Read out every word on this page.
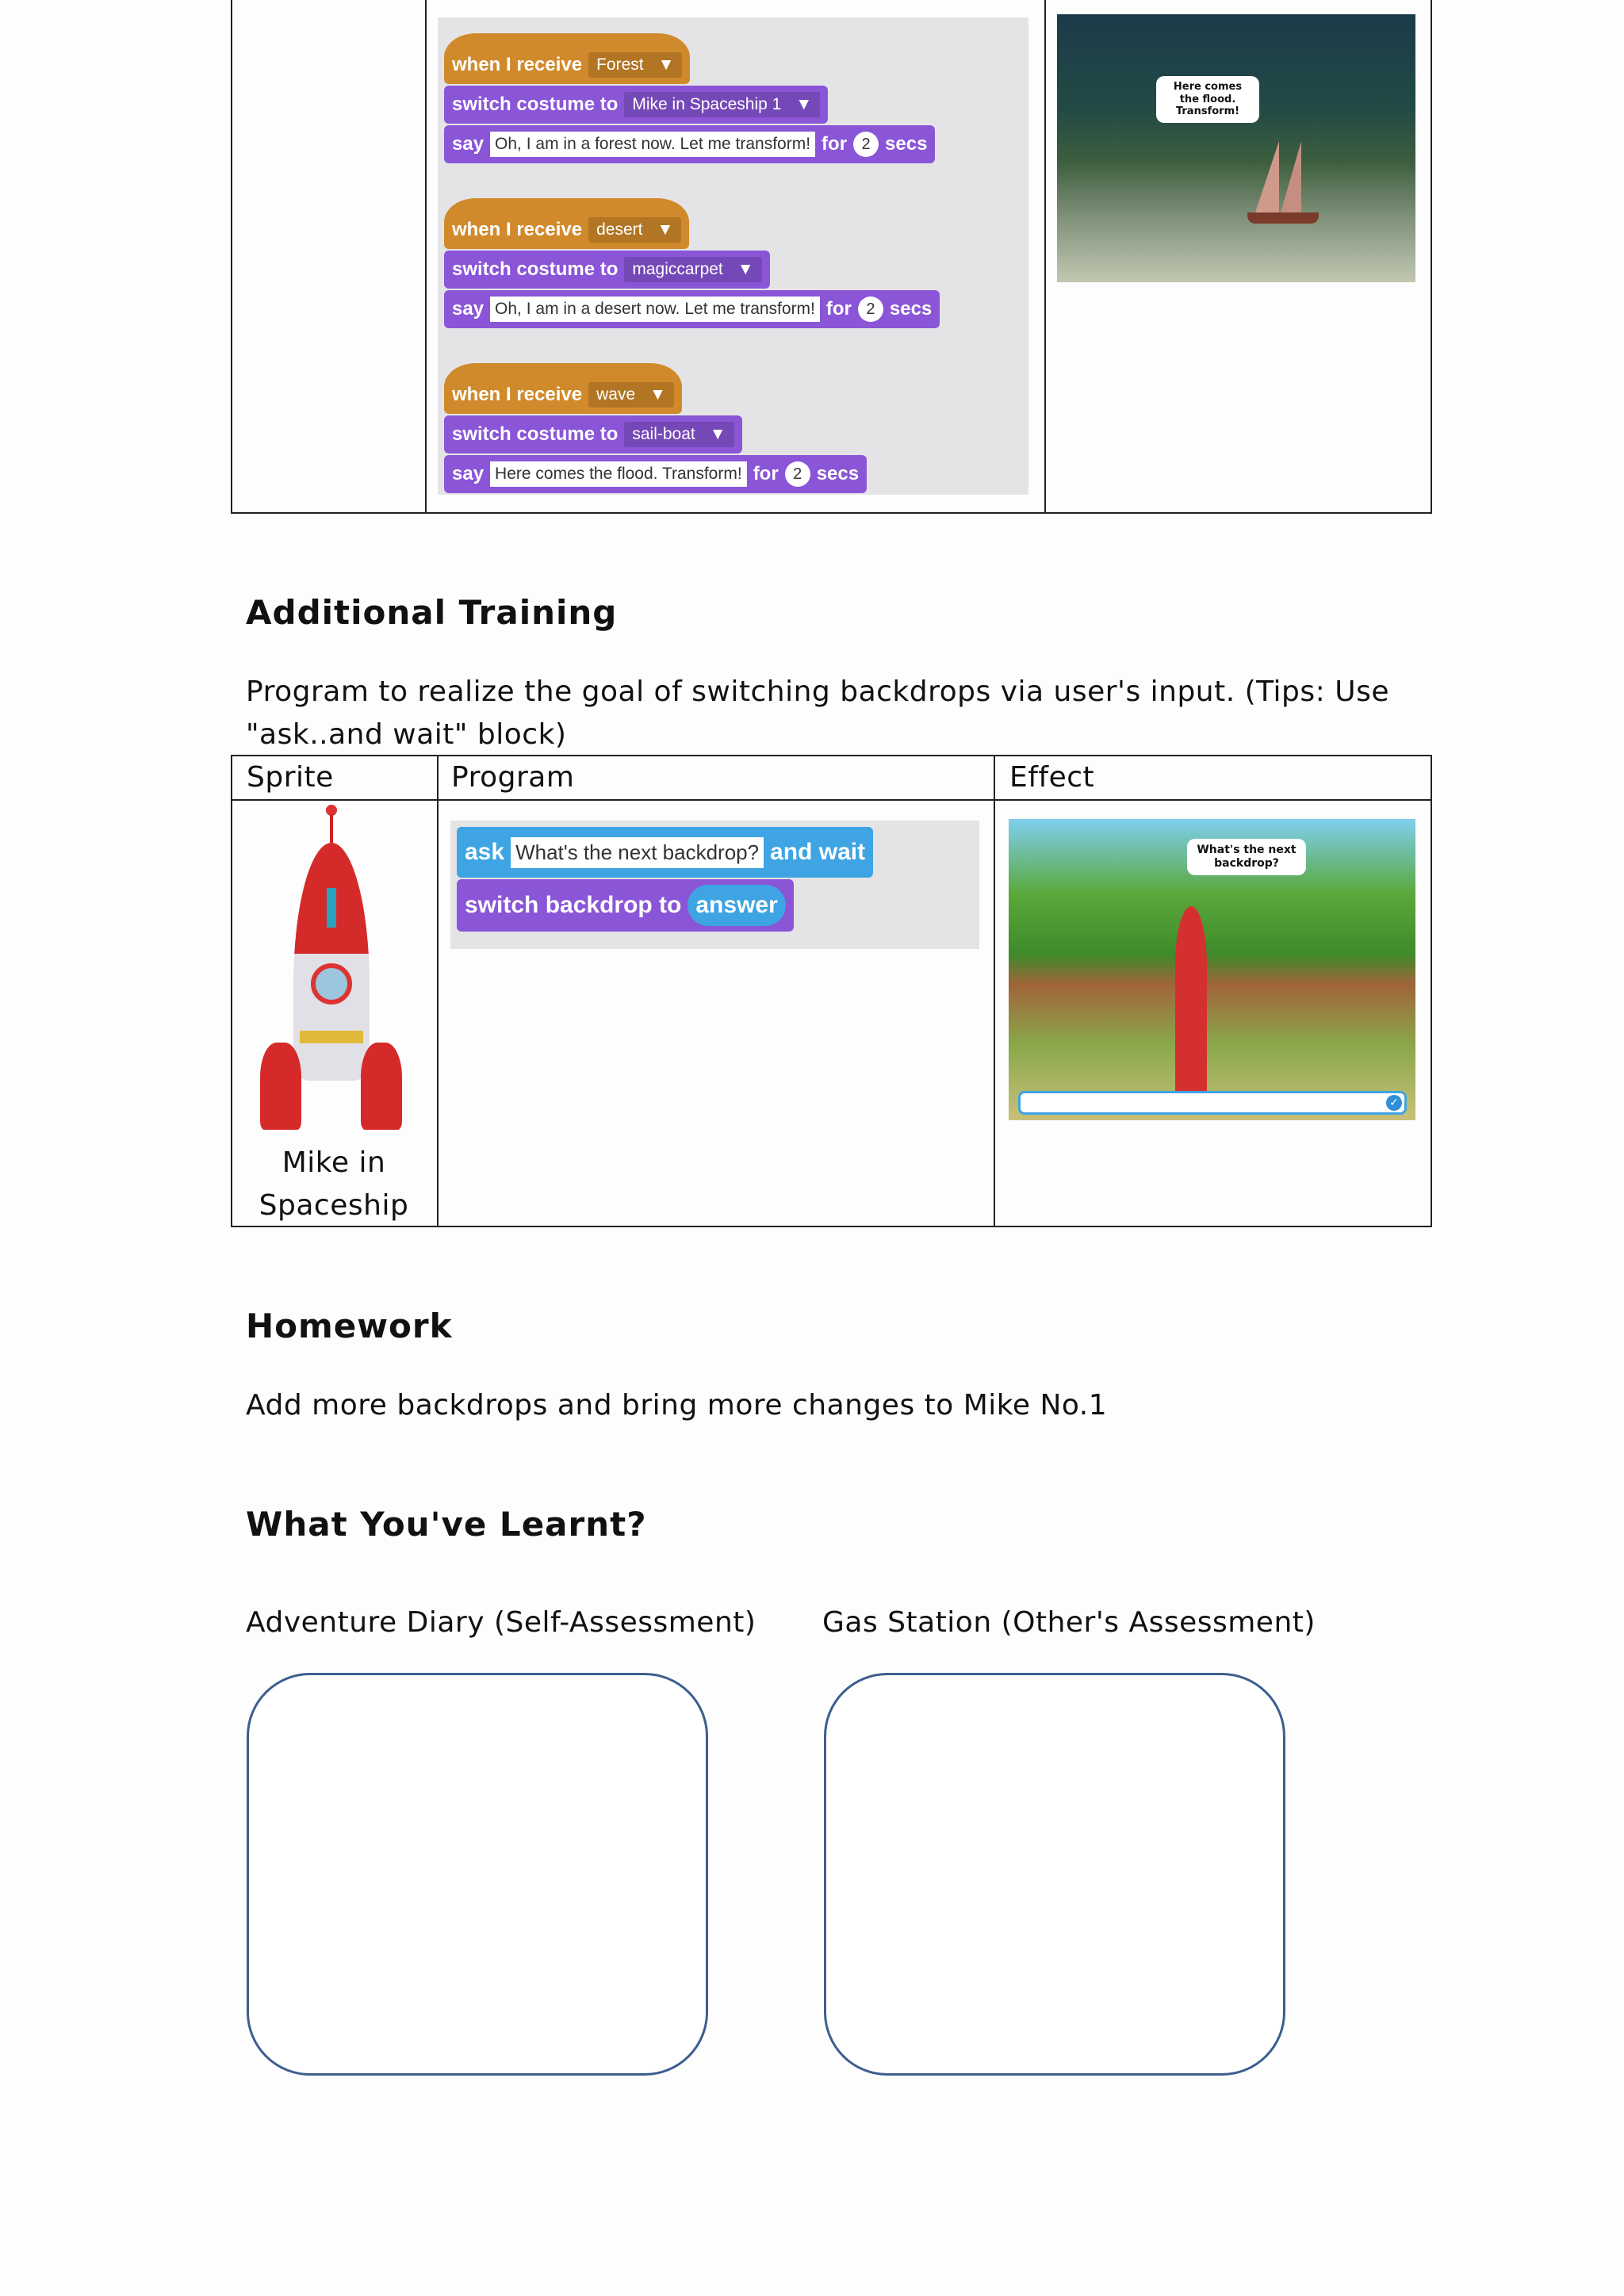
when I receive Forest ▼
switch costume to Mike in Spaceship 1 ▼
say Oh, I am in a forest now. Let me transform! for 2 secs
when I receive desert ▼
switch costume to magiccarpet ▼
say Oh, I am in a desert now. Let me transform! for 2 secs
when I receive wave ▼
switch costume to sail-boat ▼
say Here comes the flood. Transform! for 2 secs
Here comes the flood. Transform!
Additional Training
Program to realize the goal of switching backdrops via user's input. (Tips: Use
"ask..and wait" block)
Sprite	Program	Effect
Mike in
Spaceship
ask What's the next backdrop? and wait
switch backdrop to answer
What's the next backdrop?
✓
Homework
Add more backdrops and bring more changes to Mike No.1
What You've Learnt?
Adventure Diary (Self-Assessment) Gas Station (Other's Assessment)
